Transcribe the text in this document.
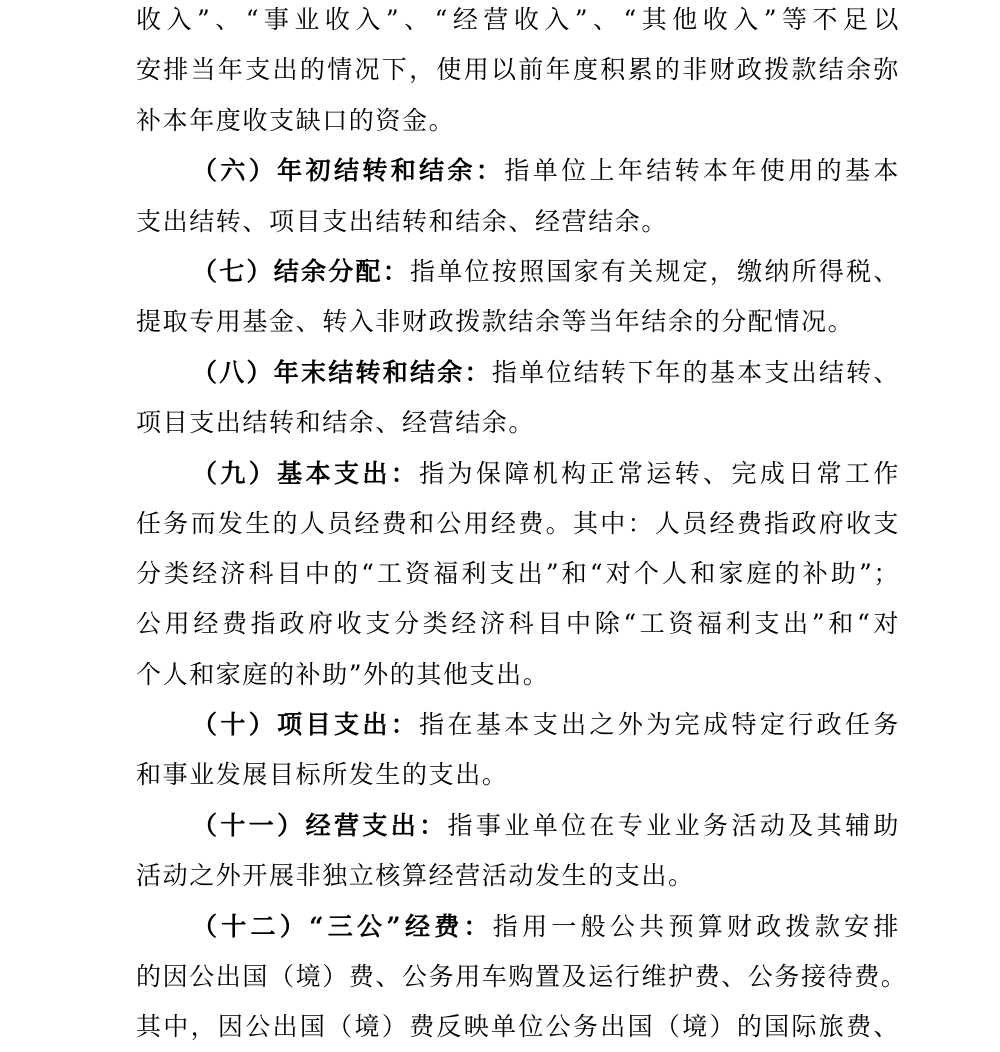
收入”、“事业收入”、“经营收入”、“其他收入”等不足以
安排当年支出的情况下，使用以前年度积累的非财政拨款结余弥
补本年度收支缺口的资金。
（六）年初结转和结余：指单位上年结转本年使用的基本
支出结转、项目支出结转和结余、经营结余。
（七）结余分配：指单位按照国家有关规定，缴纳所得税、
提取专用基金、转入非财政拨款结余等当年结余的分配情况。
（八）年末结转和结余：指单位结转下年的基本支出结转、
项目支出结转和结余、经营结余。
（九）基本支出：指为保障机构正常运转、完成日常工作
任务而发生的人员经费和公用经费。其中：人员经费指政府收支
分类经济科目中的“工资福利支出”和“对个人和家庭的补助”；
公用经费指政府收支分类经济科目中除“工资福利支出”和“对
个人和家庭的补助”外的其他支出。
（十）项目支出：指在基本支出之外为完成特定行政任务
和事业发展目标所发生的支出。
（十一）经营支出：指事业单位在专业业务活动及其辅助
活动之外开展非独立核算经营活动发生的支出。
（十二）“三公”经费：指用一般公共预算财政拨款安排
的因公出国（境）费、公务用车购置及运行维护费、公务接待费。
其中，因公出国（境）费反映单位公务出国（境）的国际旅费、
